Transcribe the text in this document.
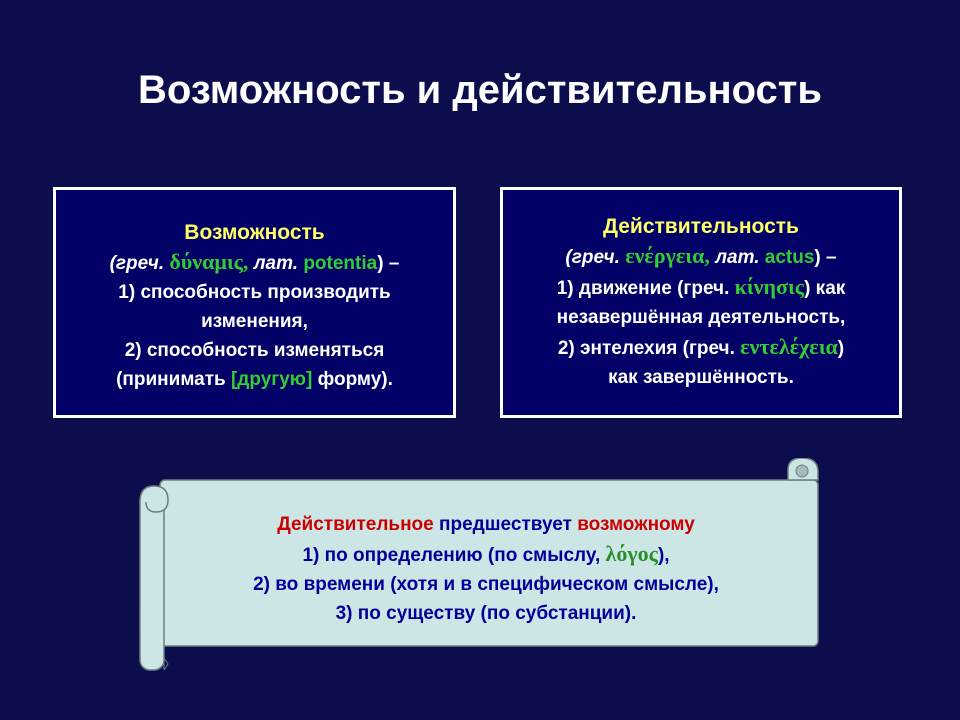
Возможность и действительность
Возможность
(греч. δύναμις, лат. potentia) –
1) способность производить
изменения,
2) способность изменяться
(принимать [другую] форму).
Действительность
(греч. ενέργεια, лат. actus) –
1) движение (греч. κίνησις) как
незавершённая деятельность,
2) энтелехия (греч. εντελέχεια)
как завершённость.
Действительное предшествует возможному
1) по определению (по смыслу, λόγος),
2) во времени (хотя и в специфическом смысле),
3) по существу (по субстанции).
